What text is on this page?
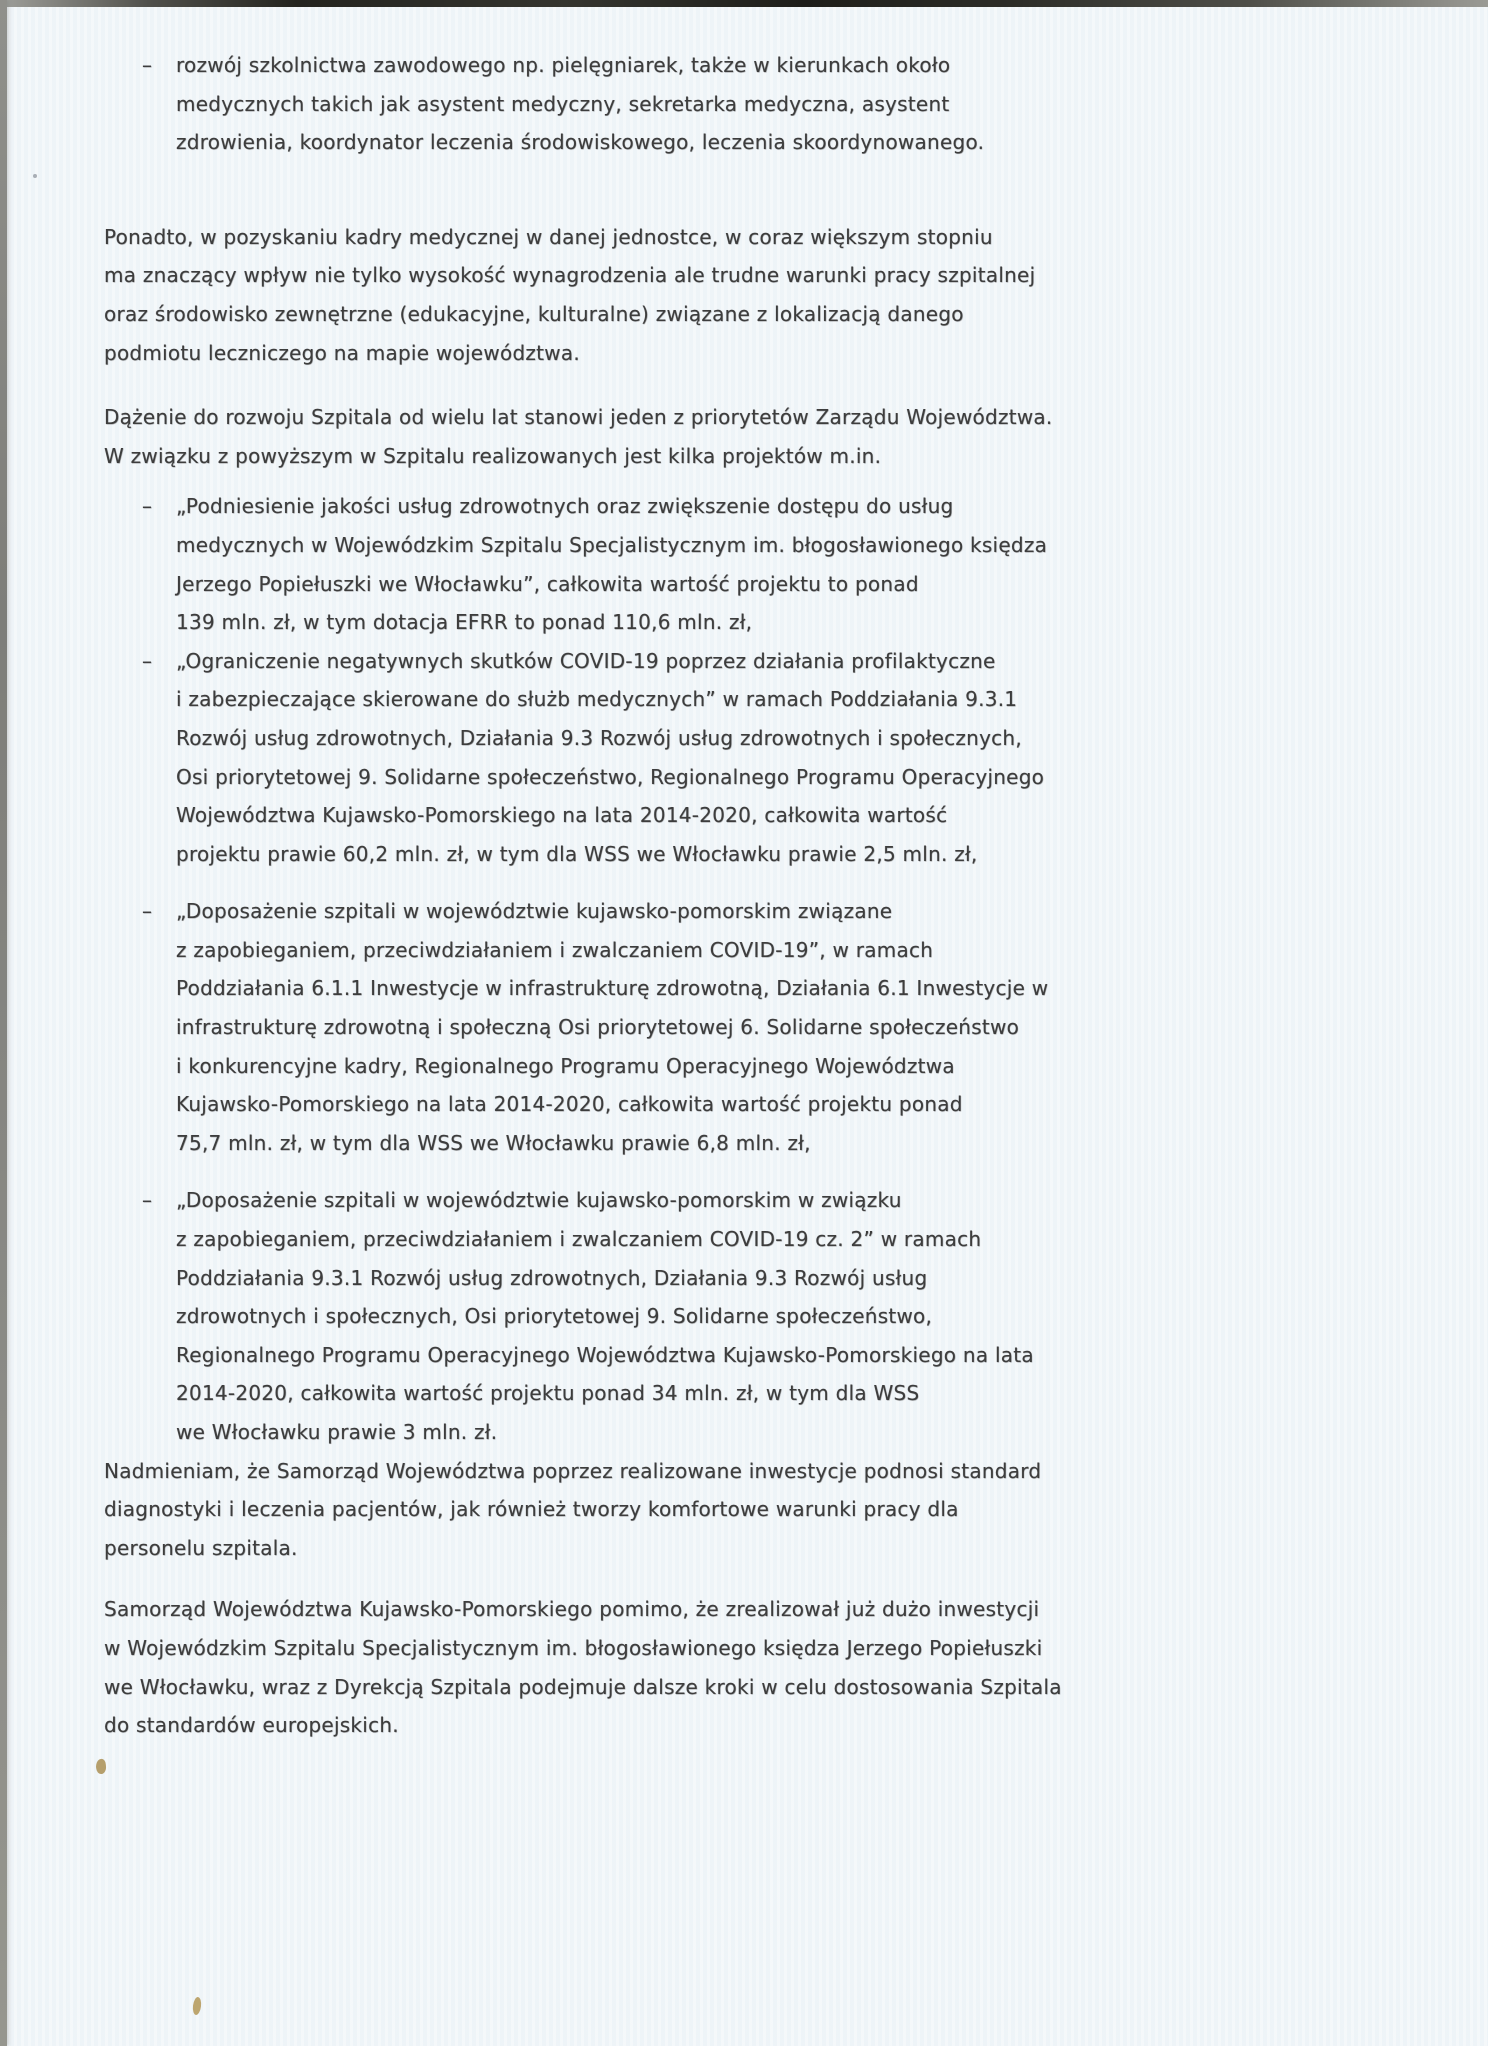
– rozwój szkolnictwa zawodowego np. pielęgniarek, także w kierunkach około
medycznych takich jak asystent medyczny, sekretarka medyczna, asystent
zdrowienia, koordynator leczenia środowiskowego, leczenia skoordynowanego.
Ponadto, w pozyskaniu kadry medycznej w danej jednostce, w coraz większym stopniu
ma znaczący wpływ nie tylko wysokość wynagrodzenia ale trudne warunki pracy szpitalnej
oraz środowisko zewnętrzne (edukacyjne, kulturalne) związane z lokalizacją danego
podmiotu leczniczego na mapie województwa.
Dążenie do rozwoju Szpitala od wielu lat stanowi jeden z priorytetów Zarządu Województwa.
W związku z powyższym w Szpitalu realizowanych jest kilka projektów m.in.
– „Podniesienie jakości usług zdrowotnych oraz zwiększenie dostępu do usług
medycznych w Wojewódzkim Szpitalu Specjalistycznym im. błogosławionego księdza
Jerzego Popiełuszki we Włocławku”, całkowita wartość projektu to ponad
139 mln. zł, w tym dotacja EFRR to ponad 110,6 mln. zł,
– „Ograniczenie negatywnych skutków COVID-19 poprzez działania profilaktyczne
i zabezpieczające skierowane do służb medycznych” w ramach Poddziałania 9.3.1
Rozwój usług zdrowotnych, Działania 9.3 Rozwój usług zdrowotnych i społecznych,
Osi priorytetowej 9. Solidarne społeczeństwo, Regionalnego Programu Operacyjnego
Województwa Kujawsko-Pomorskiego na lata 2014-2020, całkowita wartość
projektu prawie 60,2 mln. zł, w tym dla WSS we Włocławku prawie 2,5 mln. zł,
– „Doposażenie szpitali w województwie kujawsko-pomorskim związane
z zapobieganiem, przeciwdziałaniem i zwalczaniem COVID-19”, w ramach
Poddziałania 6.1.1 Inwestycje w infrastrukturę zdrowotną, Działania 6.1 Inwestycje w
infrastrukturę zdrowotną i społeczną Osi priorytetowej 6. Solidarne społeczeństwo
i konkurencyjne kadry, Regionalnego Programu Operacyjnego Województwa
Kujawsko-Pomorskiego na lata 2014-2020, całkowita wartość projektu ponad
75,7 mln. zł, w tym dla WSS we Włocławku prawie 6,8 mln. zł,
– „Doposażenie szpitali w województwie kujawsko-pomorskim w związku
z zapobieganiem, przeciwdziałaniem i zwalczaniem COVID-19 cz. 2” w ramach
Poddziałania 9.3.1 Rozwój usług zdrowotnych, Działania 9.3 Rozwój usług
zdrowotnych i społecznych, Osi priorytetowej 9. Solidarne społeczeństwo,
Regionalnego Programu Operacyjnego Województwa Kujawsko-Pomorskiego na lata
2014-2020, całkowita wartość projektu ponad 34 mln. zł, w tym dla WSS
we Włocławku prawie 3 mln. zł.
Nadmieniam, że Samorząd Województwa poprzez realizowane inwestycje podnosi standard
diagnostyki i leczenia pacjentów, jak również tworzy komfortowe warunki pracy dla
personelu szpitala.
Samorząd Województwa Kujawsko-Pomorskiego pomimo, że zrealizował już dużo inwestycji
w Wojewódzkim Szpitalu Specjalistycznym im. błogosławionego księdza Jerzego Popiełuszki
we Włocławku, wraz z Dyrekcją Szpitala podejmuje dalsze kroki w celu dostosowania Szpitala
do standardów europejskich.
